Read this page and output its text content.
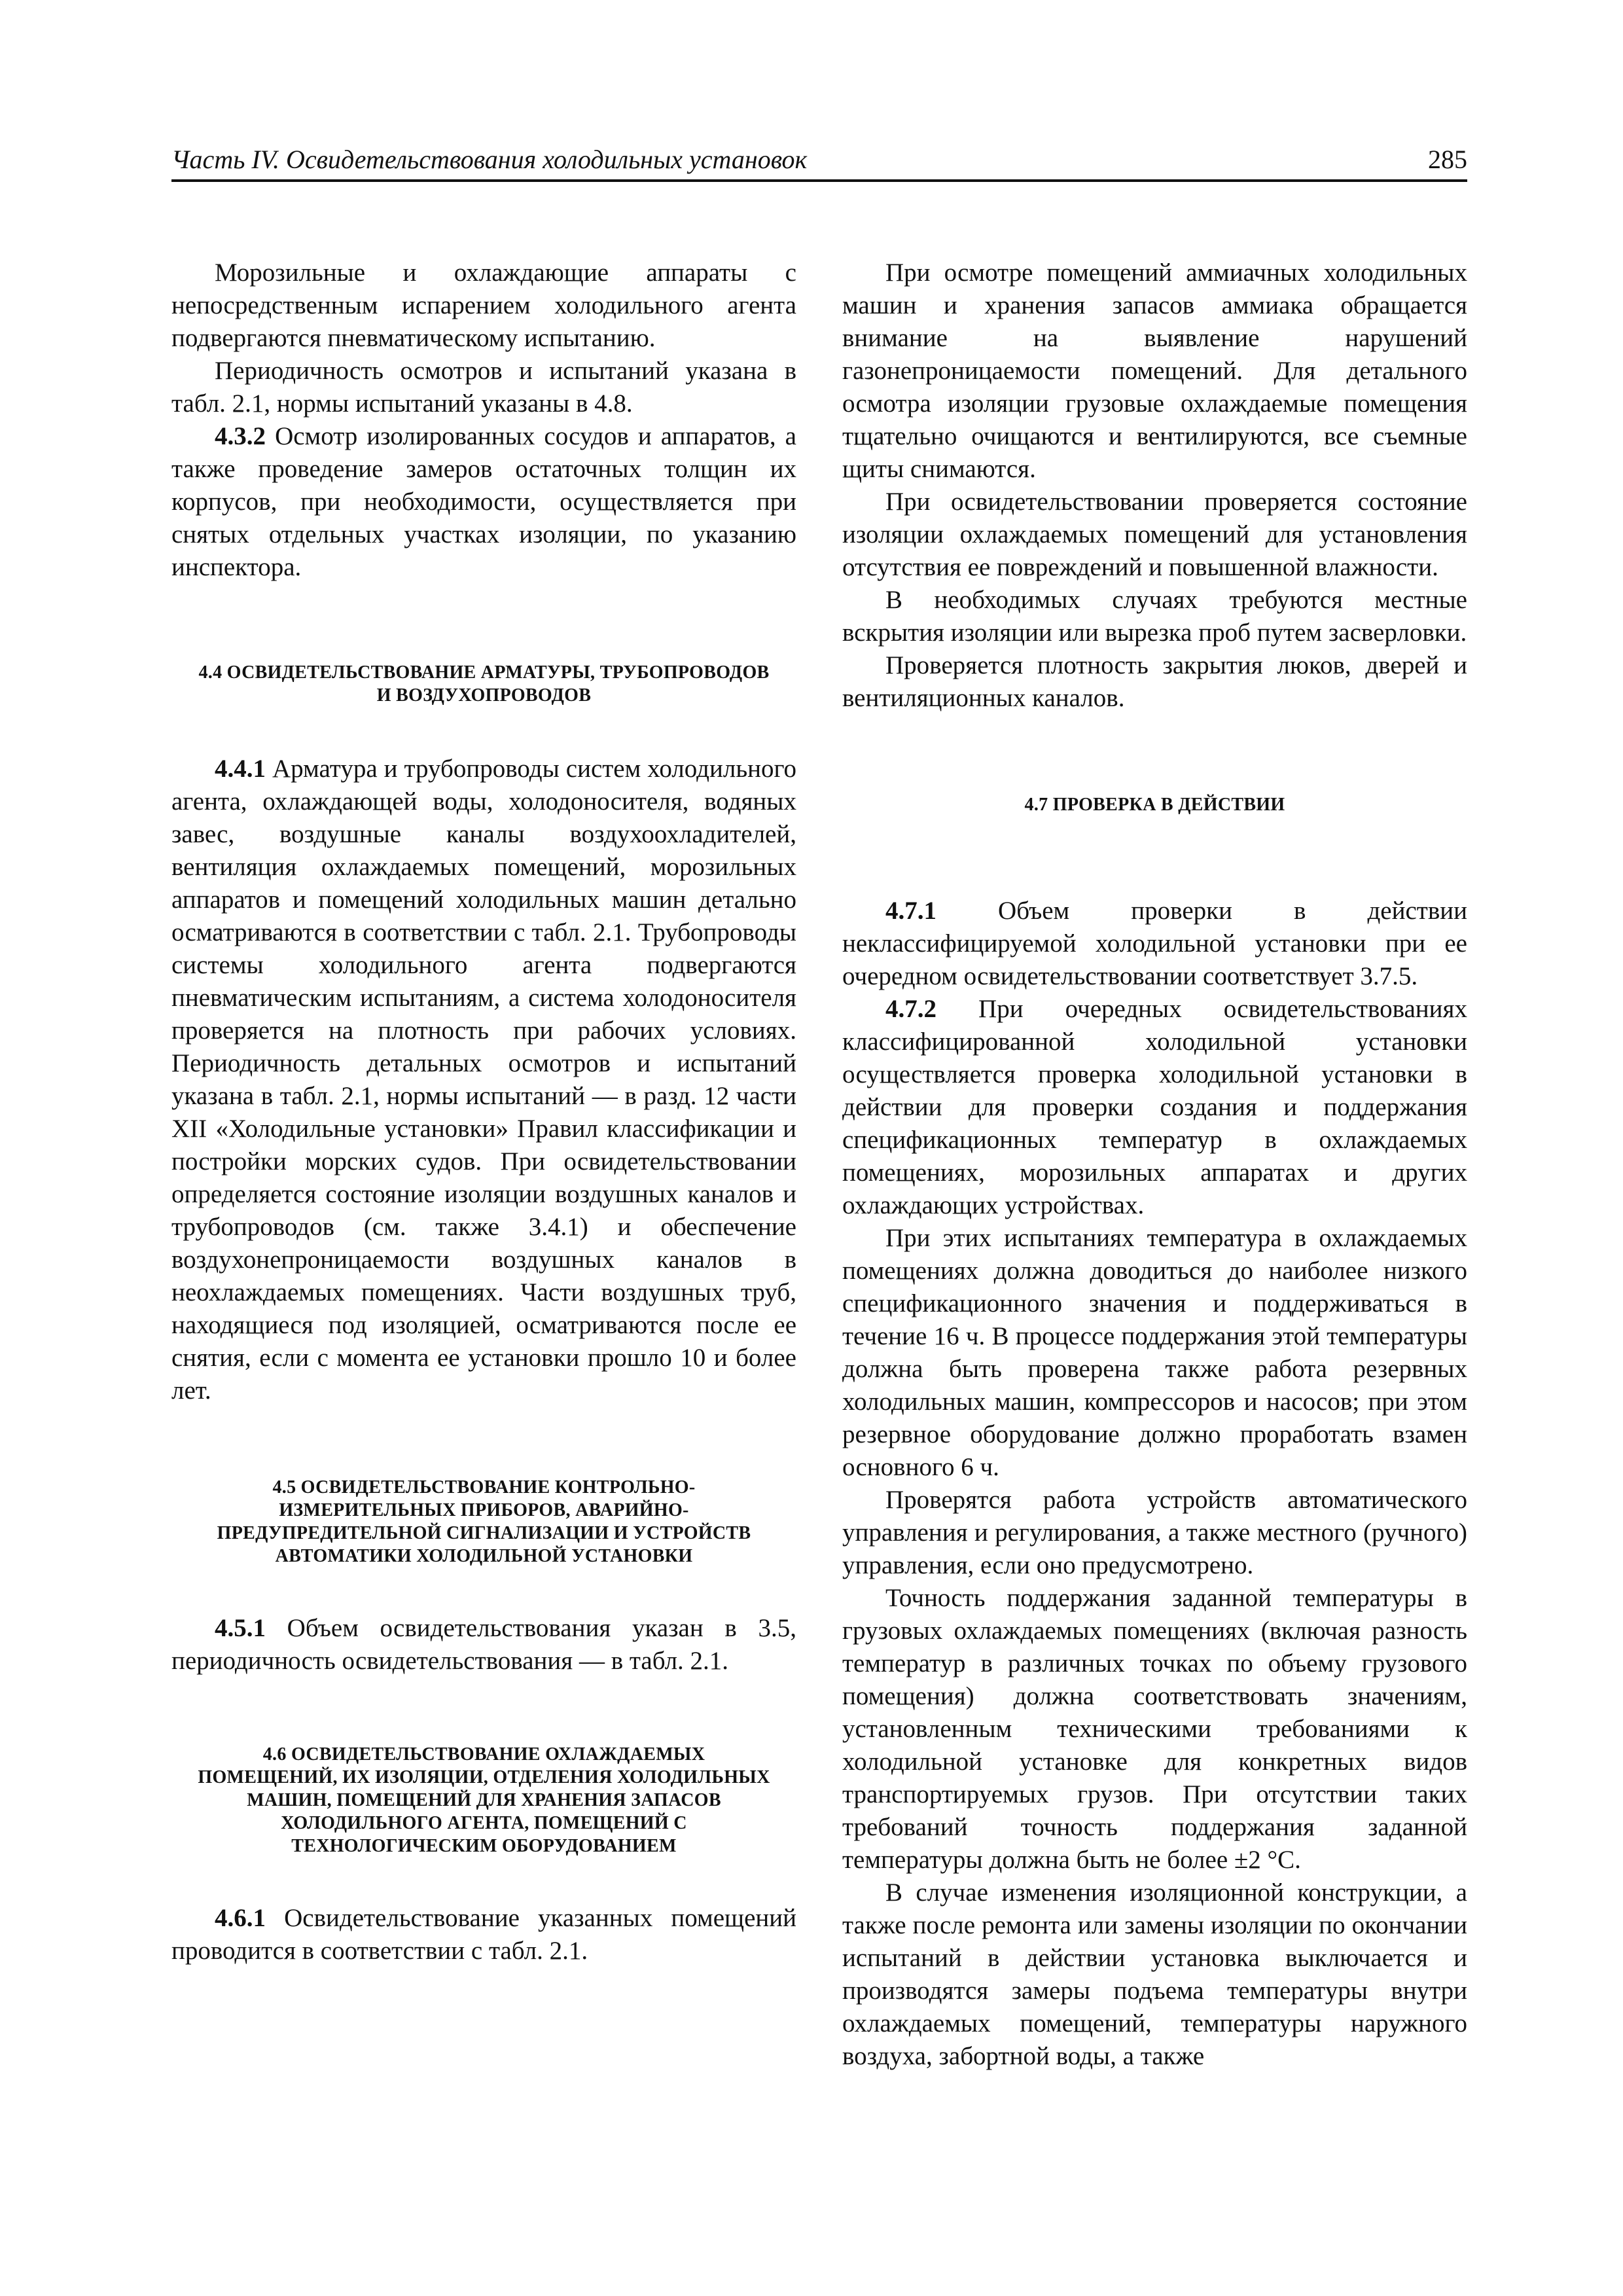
Часть IV. Освидетельствования холодильных установок	285

Морозильные и охлаждающие аппараты с непосредственным испарением холодильного агента подвергаются пневматическому испытанию.

Периодичность осмотров и испытаний указана в табл. 2.1, нормы испытаний указаны в 4.8.

4.3.2 Осмотр изолированных сосудов и аппаратов, а также проведение замеров остаточных толщин их корпусов, при необходимости, осуществляется при снятых отдельных участках изоляции, по указанию инспектора.

4.4 ОСВИДЕТЕЛЬСТВОВАНИЕ АРМАТУРЫ, ТРУБОПРОВОДОВ И ВОЗДУХОПРОВОДОВ

4.4.1 Арматура и трубопроводы систем холодильного агента, охлаждающей воды, холодоносителя, водяных завес, воздушные каналы воздухоохладителей, вентиляция охлаждаемых помещений, морозильных аппаратов и помещений холодильных машин детально осматриваются в соответствии с табл. 2.1. Трубопроводы системы холодильного агента подвергаются пневматическим испытаниям, а система холодоносителя проверяется на плотность при рабочих условиях. Периодичность детальных осмотров и испытаний указана в табл. 2.1, нормы испытаний — в разд. 12 части XII «Холодильные установки» Правил классификации и постройки морских судов. При освидетельствовании определяется состояние изоляции воздушных каналов и трубопроводов (см. также 3.4.1) и обеспечение воздухонепроницаемости воздушных каналов в неохлаждаемых помещениях. Части воздушных труб, находящиеся под изоляцией, осматриваются после ее снятия, если с момента ее установки прошло 10 и более лет.

4.5 ОСВИДЕТЕЛЬСТВОВАНИЕ КОНТРОЛЬНО-ИЗМЕРИТЕЛЬНЫХ ПРИБОРОВ, АВАРИЙНО-ПРЕДУПРЕДИТЕЛЬНОЙ СИГНАЛИЗАЦИИ И УСТРОЙСТВ АВТОМАТИКИ ХОЛОДИЛЬНОЙ УСТАНОВКИ

4.5.1 Объем освидетельствования указан в 3.5, периодичность освидетельствования — в табл. 2.1.

4.6 ОСВИДЕТЕЛЬСТВОВАНИЕ ОХЛАЖДАЕМЫХ ПОМЕЩЕНИЙ, ИХ ИЗОЛЯЦИИ, ОТДЕЛЕНИЯ ХОЛОДИЛЬНЫХ МАШИН, ПОМЕЩЕНИЙ ДЛЯ ХРАНЕНИЯ ЗАПАСОВ ХОЛОДИЛЬНОГО АГЕНТА, ПОМЕЩЕНИЙ С ТЕХНОЛОГИЧЕСКИМ ОБОРУДОВАНИЕМ

4.6.1 Освидетельствование указанных помещений проводится в соответствии с табл. 2.1.

При осмотре помещений аммиачных холодильных машин и хранения запасов аммиака обращается внимание на выявление нарушений газонепроницаемости помещений. Для детального осмотра изоляции грузовые охлаждаемые помещения тщательно очищаются и вентилируются, все съемные щиты снимаются.

При освидетельствовании проверяется состояние изоляции охлаждаемых помещений для установления отсутствия ее повреждений и повышенной влажности.

В необходимых случаях требуются местные вскрытия изоляции или вырезка проб путем засверловки.

Проверяется плотность закрытия люков, дверей и вентиляционных каналов.

4.7 ПРОВЕРКА В ДЕЙСТВИИ

4.7.1 Объем проверки в действии неклассифицируемой холодильной установки при ее очередном освидетельствовании соответствует 3.7.5.

4.7.2 При очередных освидетельствованиях классифицированной холодильной установки осуществляется проверка холодильной установки в действии для проверки создания и поддержания спецификационных температур в охлаждаемых помещениях, морозильных аппаратах и других охлаждающих устройствах.

При этих испытаниях температура в охлаждаемых помещениях должна доводиться до наиболее низкого спецификационного значения и поддерживаться в течение 16 ч. В процессе поддержания этой температуры должна быть проверена также работа резервных холодильных машин, компрессоров и насосов; при этом резервное оборудование должно проработать взамен основного 6 ч.

Проверятся работа устройств автоматического управления и регулирования, а также местного (ручного) управления, если оно предусмотрено.

Точность поддержания заданной температуры в грузовых охлаждаемых помещениях (включая разность температур в различных точках по объему грузового помещения) должна соответствовать значениям, установленным техническими требованиями к холодильной установке для конкретных видов транспортируемых грузов. При отсутствии таких требований точность поддержания заданной температуры должна быть не более ±2 °С.

В случае изменения изоляционной конструкции, а также после ремонта или замены изоляции по окончании испытаний в действии установка выключается и производятся замеры подъема температуры внутри охлаждаемых помещений, температуры наружного воздуха, забортной воды, а также
